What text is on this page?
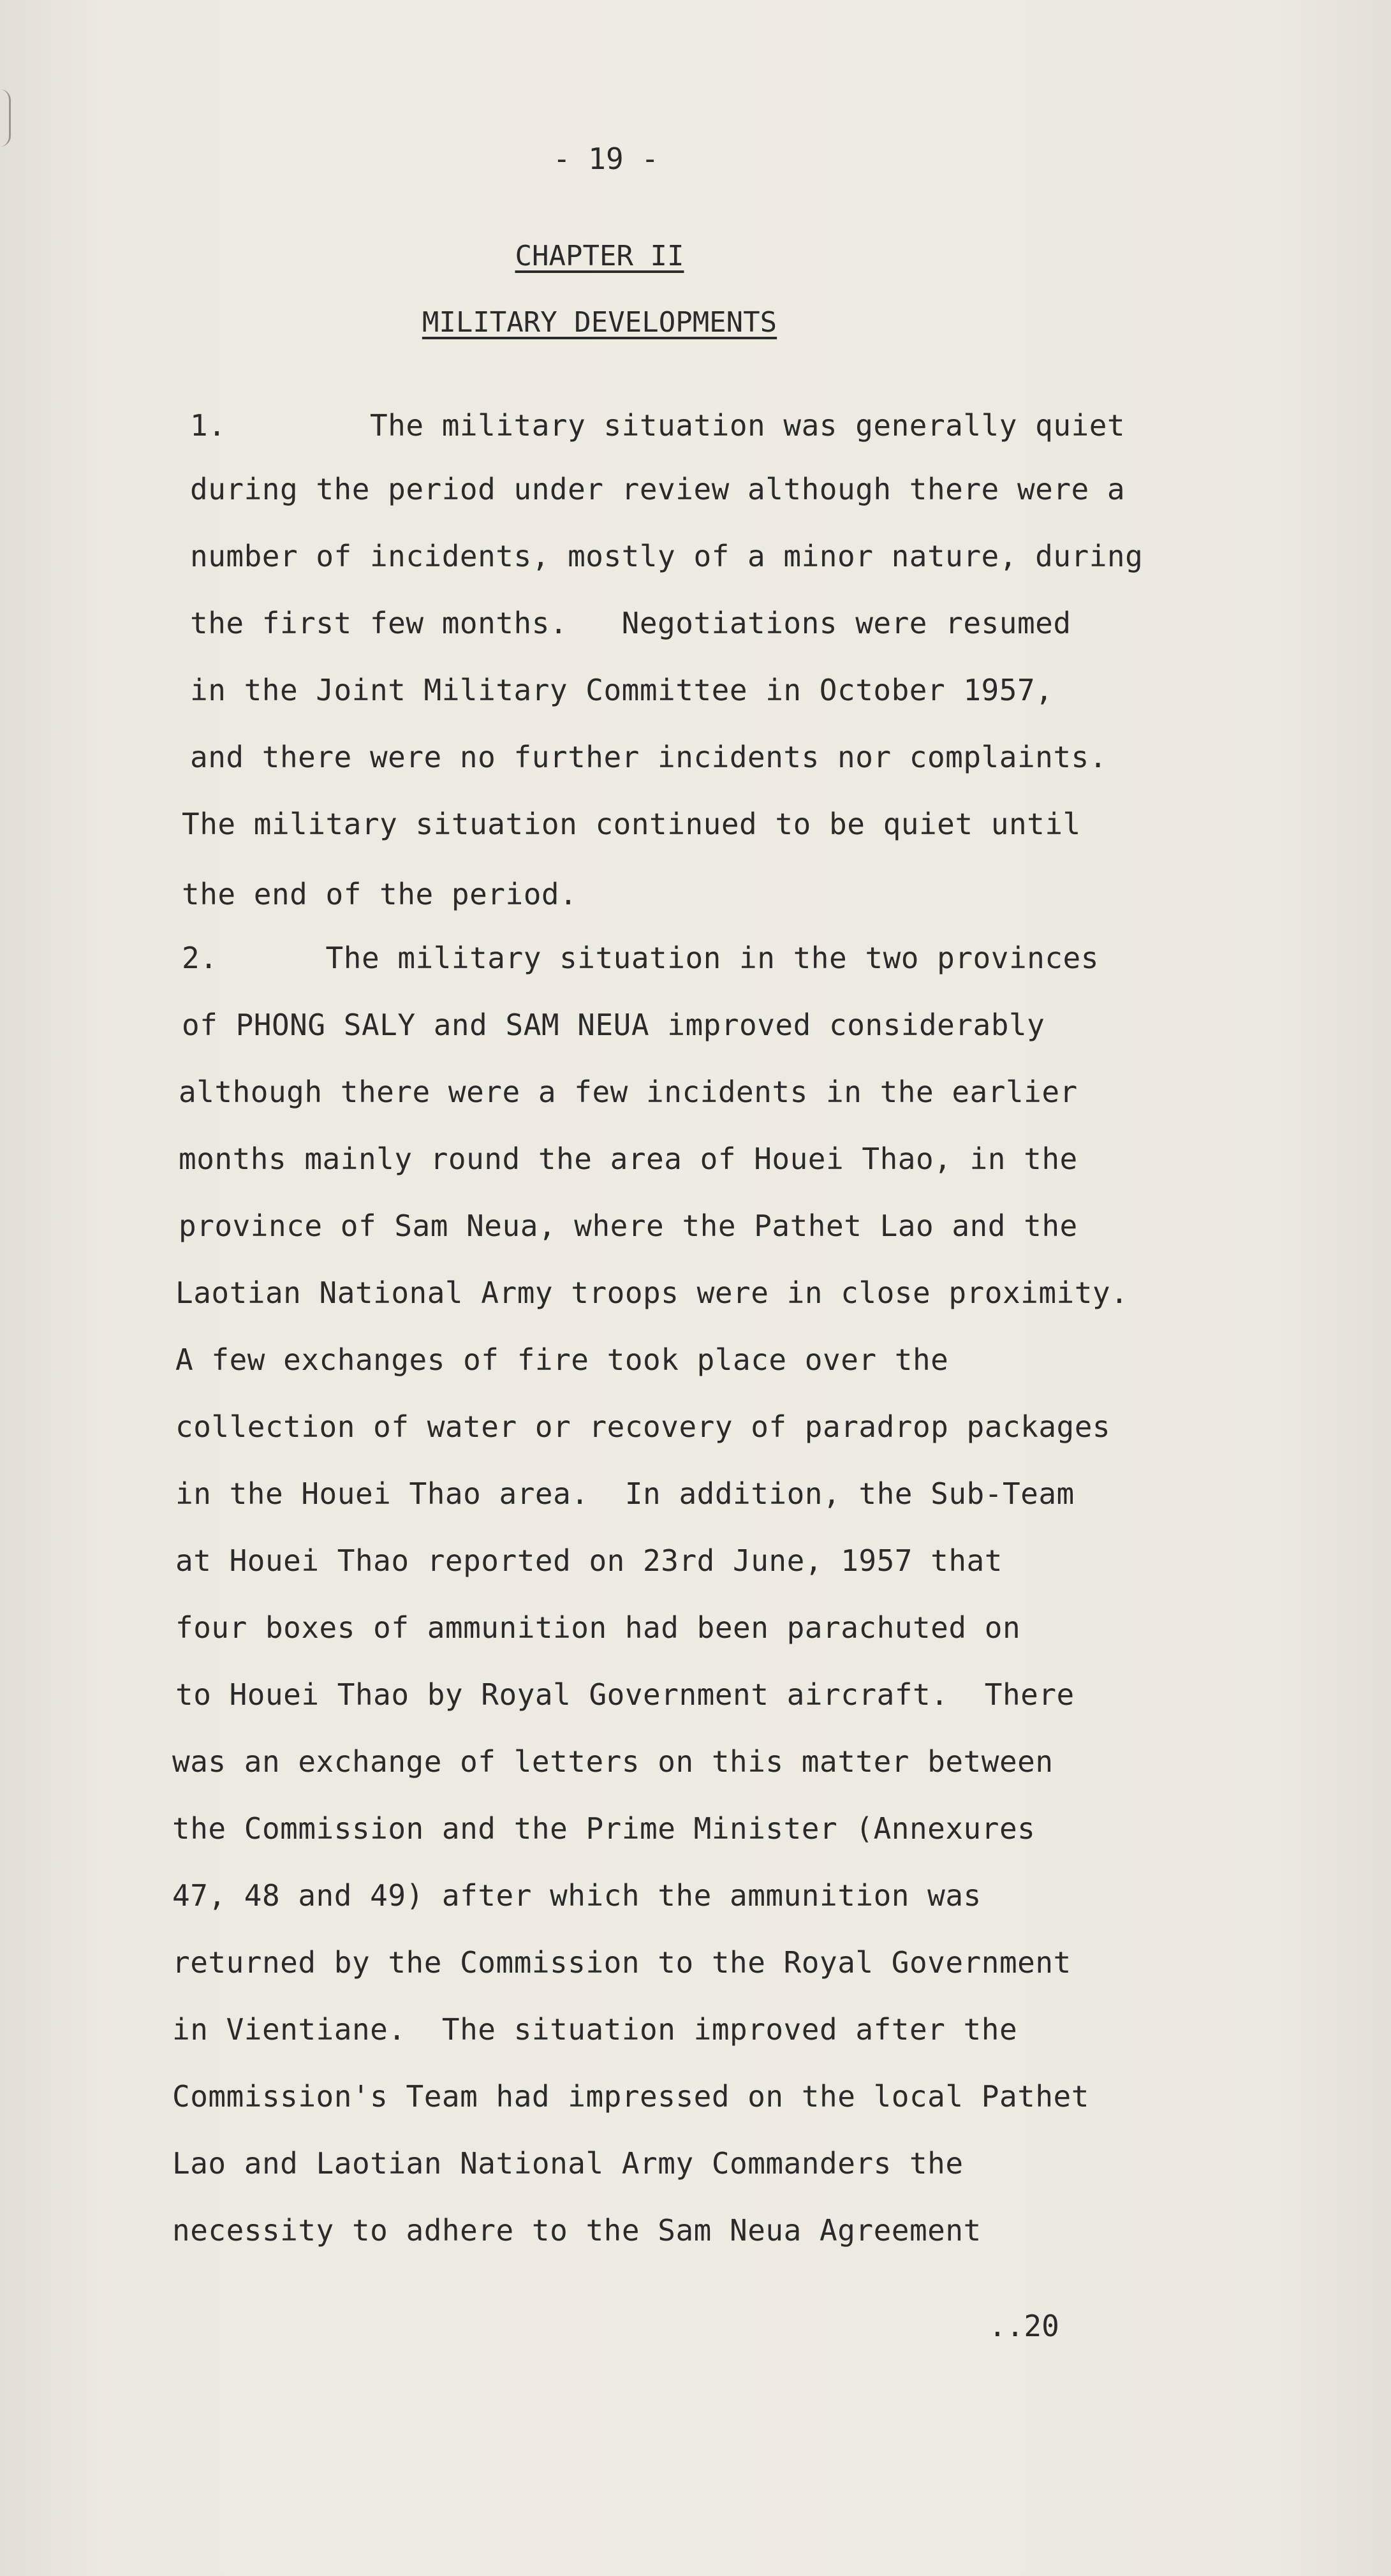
- 19 -
CHAPTER II
MILITARY DEVELOPMENTS
1.        The military situation was generally quiet
during the period under review although there were a
number of incidents, mostly of a minor nature, during
the first few months.   Negotiations were resumed
in the Joint Military Committee in October 1957,
and there were no further incidents nor complaints.
The military situation continued to be quiet until
the end of the period.
2.      The military situation in the two provinces
of PHONG SALY and SAM NEUA improved considerably
although there were a few incidents in the earlier
months mainly round the area of Houei Thao, in the
province of Sam Neua, where the Pathet Lao and the
Laotian National Army troops were in close proximity.
A few exchanges of fire took place over the
collection of water or recovery of paradrop packages
in the Houei Thao area.  In addition, the Sub-Team
at Houei Thao reported on 23rd June, 1957 that
four boxes of ammunition had been parachuted on
to Houei Thao by Royal Government aircraft.  There
was an exchange of letters on this matter between
the Commission and the Prime Minister (Annexures
47, 48 and 49) after which the ammunition was
returned by the Commission to the Royal Government
in Vientiane.  The situation improved after the
Commission's Team had impressed on the local Pathet
Lao and Laotian National Army Commanders the
necessity to adhere to the Sam Neua Agreement
..20
